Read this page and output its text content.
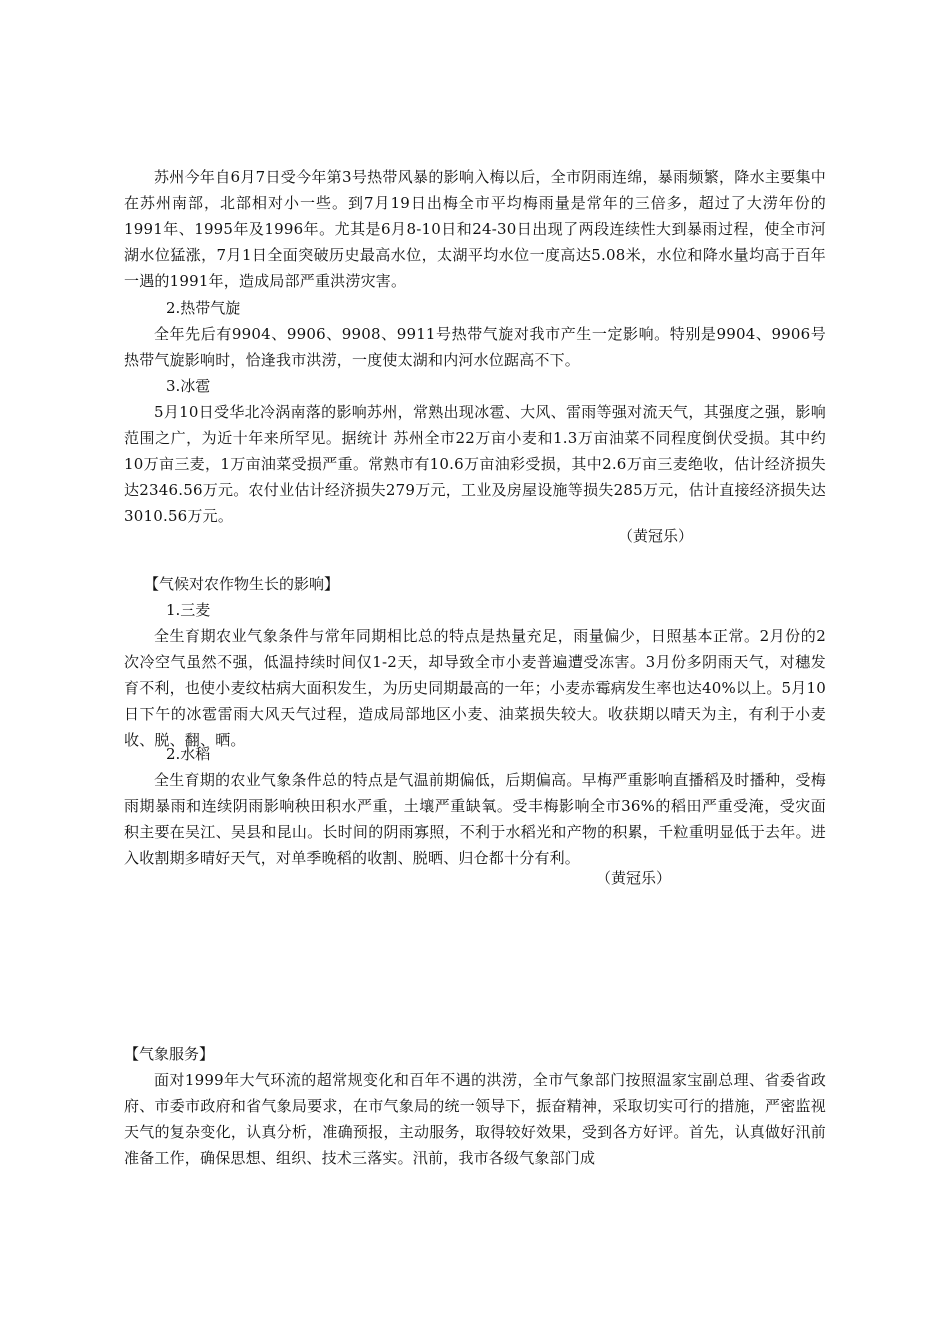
苏州今年自6月7日受今年第3号热带风暴的影响入梅以后，全市阴雨连绵，暴雨频繁，降水主要集中在苏州南部，北部相对小一些。到7月19日出梅全市平均梅雨量是常年的三倍多，超过了大涝年份的1991年、1995年及1996年。尤其是6月8-10日和24-30日出现了两段连续性大到暴雨过程，使全市河湖水位猛涨，7月1日全面突破历史最高水位，太湖平均水位一度高达5.08米，水位和降水量均高于百年一遇的1991年，造成局部严重洪涝灾害。

2.热带气旋

全年先后有9904、9906、9908、9911号热带气旋对我市产生一定影响。特别是9904、9906号热带气旋影响时，恰逢我市洪涝，一度使太湖和内河水位踞高不下。

3.冰雹

5月10日受华北冷涡南落的影响苏州，常熟出现冰雹、大风、雷雨等强对流天气，其强度之强，影响范围之广，为近十年来所罕见。据统计 苏州全市22万亩小麦和1.3万亩油菜不同程度倒伏受损。其中约10万亩三麦，1万亩油菜受损严重。常熟市有10.6万亩油彩受损，其中2.6万亩三麦绝收，估计经济损失达2346.56万元。农付业估计经济损失279万元，工业及房屋设施等损失285万元，估计直接经济损失达3010.56万元。

（黄冠乐）

【气候对农作物生长的影响】

1.三麦

全生育期农业气象条件与常年同期相比总的特点是热量充足，雨量偏少，日照基本正常。2月份的2次冷空气虽然不强，低温持续时间仅1-2天，却导致全市小麦普遍遭受冻害。3月份多阴雨天气，对穗发育不利，也使小麦纹枯病大面积发生，为历史同期最高的一年；小麦赤霉病发生率也达40%以上。5月10日下午的冰雹雷雨大风天气过程，造成局部地区小麦、油菜损失较大。收获期以晴天为主，有利于小麦收、脱、翻、晒。

2.水稻

全生育期的农业气象条件总的特点是气温前期偏低，后期偏高。早梅严重影响直播稻及时播种，受梅雨期暴雨和连续阴雨影响秧田积水严重，土壤严重缺氧。受丰梅影响全市36%的稻田严重受淹，受灾面积主要在吴江、吴县和昆山。长时间的阴雨寡照，不利于水稻光和产物的积累，千粒重明显低于去年。进入收割期多晴好天气，对单季晚稻的收割、脱晒、归仓都十分有利。

（黄冠乐）

【气象服务】

面对1999年大气环流的超常规变化和百年不遇的洪涝，全市气象部门按照温家宝副总理、省委省政府、市委市政府和省气象局要求，在市气象局的统一领导下，振奋精神，采取切实可行的措施，严密监视天气的复杂变化，认真分析，准确预报，主动服务，取得较好效果，受到各方好评。首先，认真做好汛前准备工作，确保思想、组织、技术三落实。汛前，我市各级气象部门成
